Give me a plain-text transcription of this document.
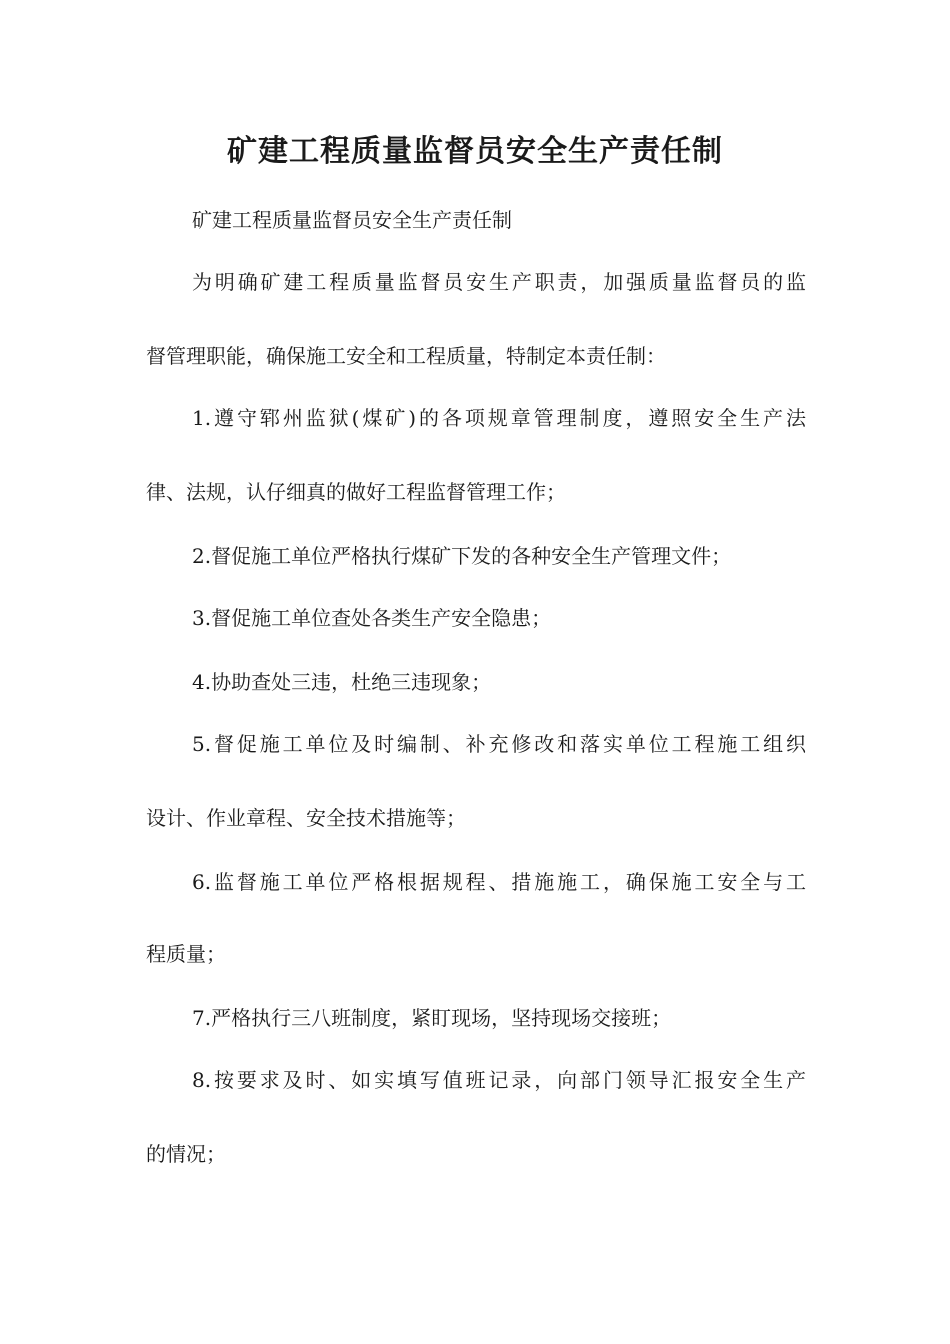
矿建工程质量监督员安全生产责任制

矿建工程质量监督员安全生产责任制

为明确矿建工程质量监督员安生产职责，加强质量监督员的监

督管理职能，确保施工安全和工程质量，特制定本责任制：

1.遵守郓州监狱(煤矿)的各项规章管理制度，遵照安全生产法

律、法规，认仔细真的做好工程监督管理工作；

2.督促施工单位严格执行煤矿下发的各种安全生产管理文件；

3.督促施工单位查处各类生产安全隐患；

4.协助查处三违，杜绝三违现象；

5.督促施工单位及时编制、补充修改和落实单位工程施工组织

设计、作业章程、安全技术措施等；

6.监督施工单位严格根据规程、措施施工，确保施工安全与工

程质量；

7.严格执行三八班制度，紧盯现场，坚持现场交接班；

8.按要求及时、如实填写值班记录，向部门领导汇报安全生产

的情况；
